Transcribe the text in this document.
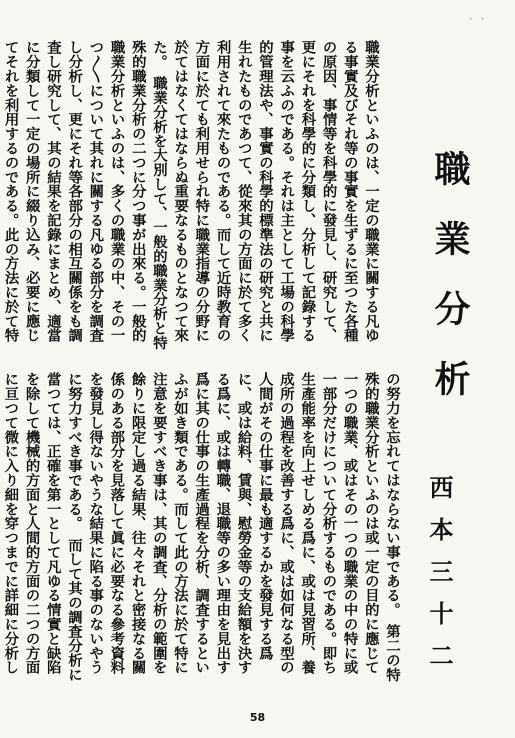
・ ・
職業分析
西本三十二
職業分析といふのは、一定の職業に關する凡ゆる事實及びそれ等の事實を生ずるに至つた各種の原因、事情等を科學的に發見し、研究して、更にそれを科學的に分類し、分析して記錄する事を云ふのである。それは主として工場の科學的管理法や、事實の科學的標準法の研究と共に生れたものであつて、從來其の方面に於て多く利用されて來たものである。而して近時教育の方面に於ても利用せられ特に職業指導の分野に於てはなくてはならぬ重要なるものとなつて來た。　職業分析を大別して、一般的職業分析と特殊的職業分析の二つに分つ事が出來る。一般的職業分析といふのは、多くの職業の中、その一つ〳〵について其れに關する凡ゆる部分を調査し分析し、更にそれ等各部分の相互關係をも調査し研究して、其の結果を記錄にまとめ、適當に分類して一定の場所に綴り込み、必要に應じてそれを利用するのである。此の方法に於て特
の努力を忘れてはならない事である。　第二の特殊的職業分析といふのは或一定の目的に應じて一つの職業、或はその一つの職業の中の特に或一部分だけについて分析するものである。即ち生產能率を向上せしめる爲に、或は見習所、養成所の過程を改善する爲に、或は如何なる型の人間がその仕事に最も適するかを發見する爲に、或は給料、賃與、慰勞金等の支給額を決する爲に、或は轉職、退職等の多い理由を見出す爲に其の仕事の生產過程を分析、調査するといふが如き類である。而して此の方法に於て特に注意を要すべき事は、其の調査、分析の範圍を餘りに限定し過る結果、往々それと密接なる關係のある部分を見落して眞に必要なる參考資料を發見し得ないやうな結果に陷る事のないやうに努力すべき事である。　而して其の調査分析に當つては、正確を第一として凡ゆる情實と缺陷を除して機械的方面と人間的方面の二つの方面に亘つて微に入り細を穿つまでに詳細に分析し
58
